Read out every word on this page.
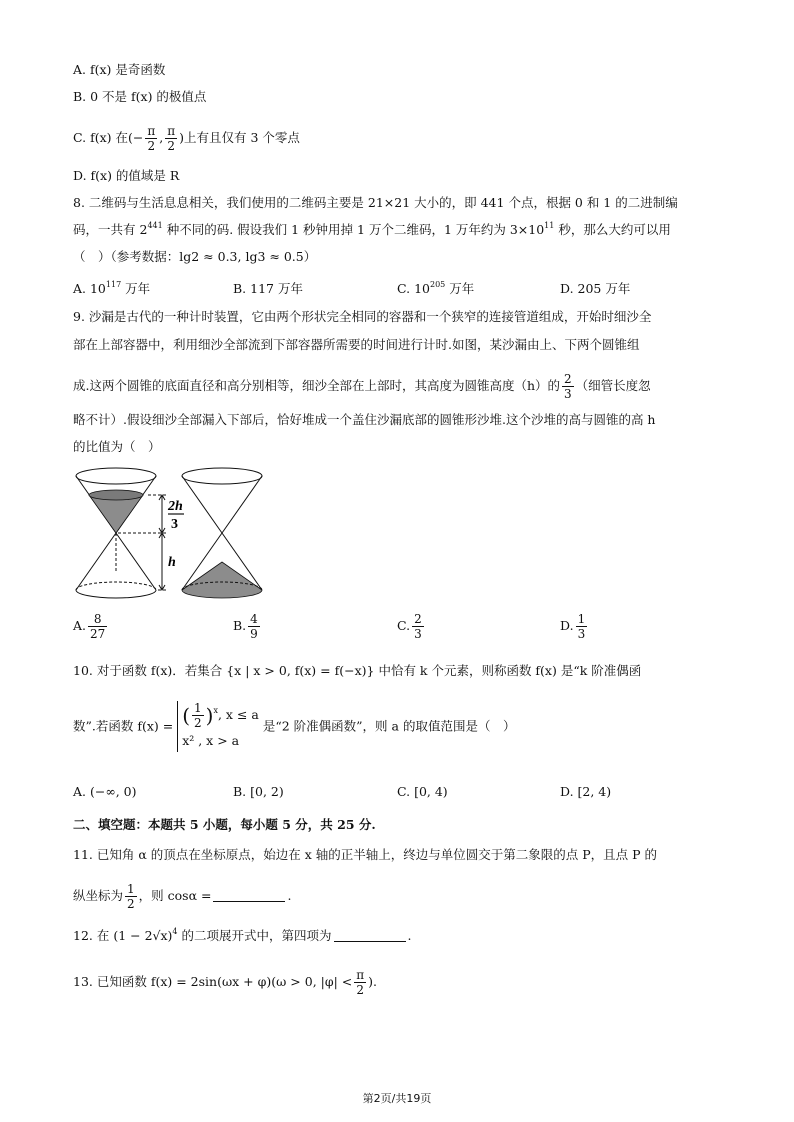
A. f(x) 是奇函数
B. 0 不是 f(x) 的极值点
C. f(x) 在(− $\frac{\pi}{2}$ , $\frac{\pi}{2}$ )上有且仅有 3 个零点
D. f(x) 的值域是 R
8. 二维码与生活息息相关，我们使用的二维码主要是 21×21 大小的，即 441 个点，根据 0 和 1 的二进制编
码，一共有 $2^{441}$ 种不同的码. 假设我们 1 秒钟用掉 1 万个二维码，1 万年约为 $3\times 10^{11}$ 秒，那么大约可以用
（　）（参考数据：lg2 ≈ 0.3, lg3 ≈ 0.5）
A. $10^{117}$ 万年	B. 117 万年	C. $10^{205}$ 万年	D. 205 万年
9. 沙漏是古代的一种计时装置，它由两个形状完全相同的容器和一个狭窄的连接管道组成，开始时细沙全
部在上部容器中，利用细沙全部流到下部容器所需要的时间进行计时.如图，某沙漏由上、下两个圆锥组
成.这两个圆锥的底面直径和高分别相等，细沙全部在上部时，其高度为圆锥高度（h）的 $\frac{2}{3}$ （细管长度忽
略不计）.假设细沙全部漏入下部后，恰好堆成一个盖住沙漏底部的圆锥形沙堆.这个沙堆的高与圆锥的高 h
的比值为（　）
2h
3
h
A. $\frac{8}{27}$	B. $\frac{4}{9}$	C. $\frac{2}{3}$	D. $\frac{1}{3}$
10. 对于函数 f(x)．若集合 {x | x > 0, f(x) = f(−x)} 中恰有 k 个元素，则称函数 f(x) 是“k 阶准偶函
数”.若函数 f(x) = ( $\frac{1}{2} )^x$, x ≤ a
x² , x > a
是“2 阶准偶函数”，则 a 的取值范围是（　）
A. (−∞, 0)	B. [0, 2)	C. [0, 4)	D. [2, 4)
二、填空题：本题共 5 小题，每小题 5 分，共 25 分.
11. 已知角 α 的顶点在坐标原点，始边在 x 轴的正半轴上，终边与单位圆交于第二象限的点 P，且点 P 的
纵坐标为 $\frac{1}{2}$ ，则 cosα =	.
12. 在 $(1 - 2√x)^4$ 的二项展开式中，第四项为	.
13. 已知函数 f(x) = 2sin(ωx + φ)(ω > 0, $|\varphi| < \frac{\pi}{2}$ ).
第2页/共19页
